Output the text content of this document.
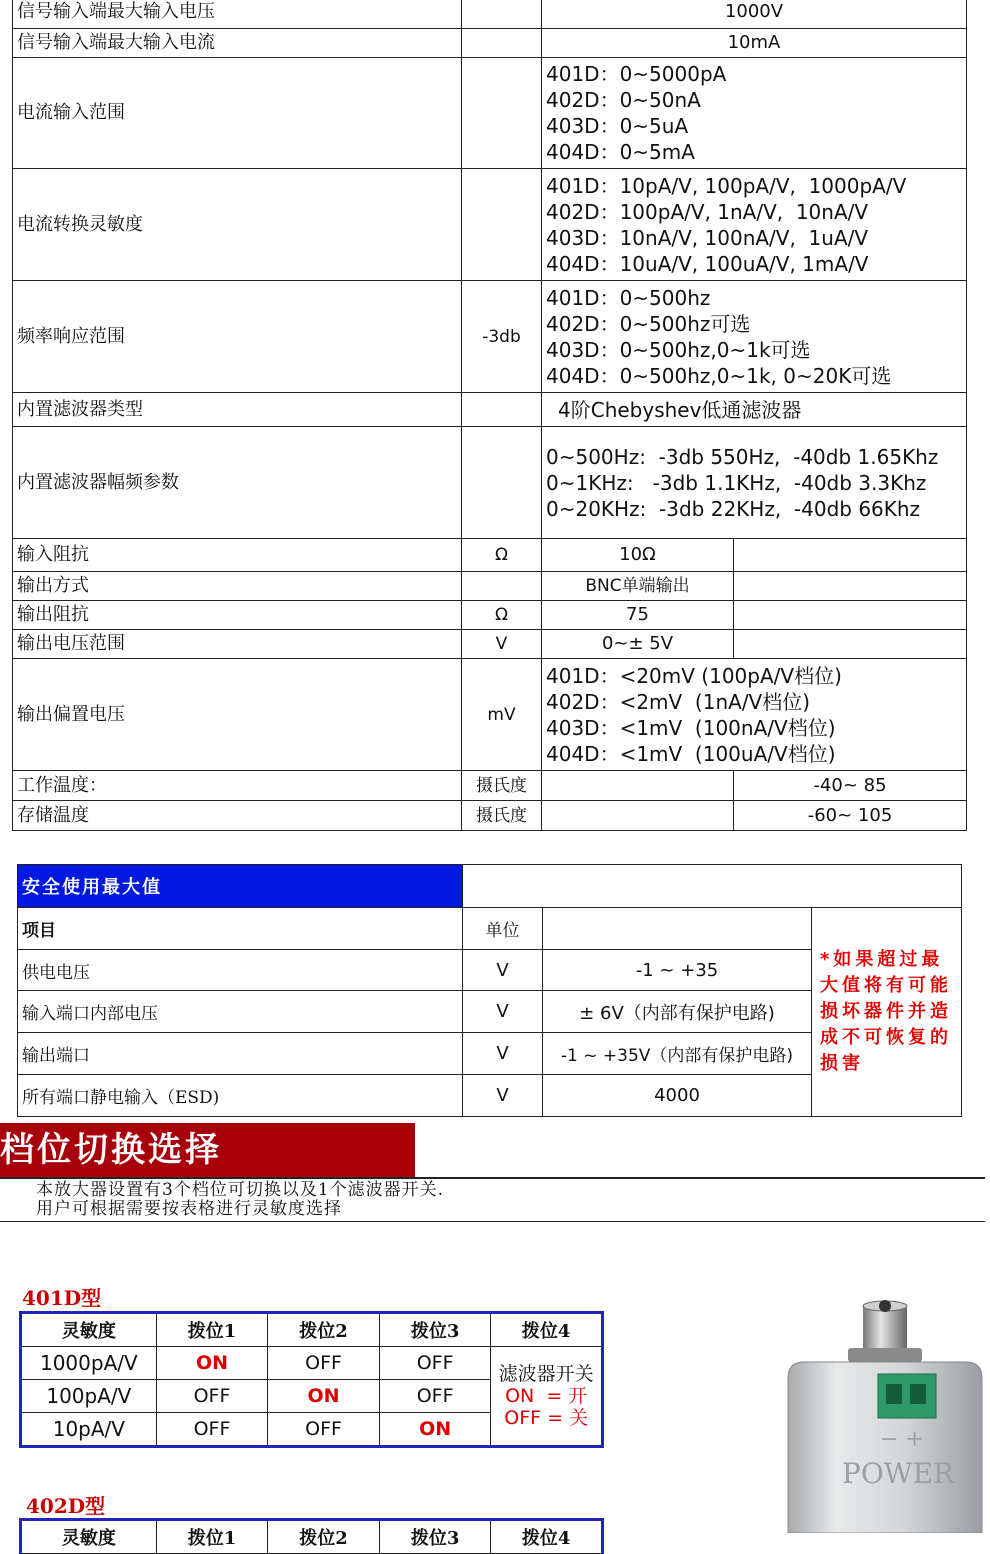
信号输入端最大输入电压		1000V	
信号输入端最大输入电流		10mA	
电流输入范围		401D：0~5000pA
402D：0~50nA
403D：0~5uA
404D：0~5mA	

电流转换灵敏度		401D：10pA/V, 100pA/V,  1000pA/V
402D：100pA/V, 1nA/V,  10nA/V
403D：10nA/V, 100nA/V,  1uA/V
404D：10uA/V, 100uA/V, 1mA/V	

频率响应范围	-3db	401D：0~500hz
402D：0~500hz可选
403D：0~500hz,0~1k可选
404D：0~500hz,0~1k, 0~20K可选	

内置滤波器类型		4阶Chebyshev低通滤波器	
内置滤波器幅频参数		0~500Hz:  -3db 550Hz,  -40db 1.65Khz
0~1KHz:   -3db 1.1KHz,  -40db 3.3Khz
0~20KHz:  -3db 22KHz,  -40db 66Khz	

输入阻抗	Ω	10Ω	
输出方式		BNC单端输出	
输出阻抗	Ω	75	
输出电压范围	V	0~± 5V	
输出偏置电压	mV	401D：<20mV (100pA/V档位)
402D：<2mV  (1nA/V档位)
403D：<1mV  (100nA/V档位)
404D：<1mV  (100uA/V档位)	

工作温度：	摄氏度		-40~ 85
存储温度	摄氏度		-60~ 105
安全使用最大值			
项目	单位		*如果超过最大值将有可能损坏器件并造成不可恢复的损害
供电电压	V	-1 ~ +35	
输入端口内部电压	V	± 6V（内部有保护电路)	
输出端口	V	-1 ~ +35V（内部有保护电路)	
所有端口静电输入（ESD)	V	4000	
档位切换选择
本放大器设置有3个档位可切换以及1个滤波器开关.
用户可根据需要按表格进行灵敏度选择
401D型
灵敏度	拨位1	拨位2	拨位3	拨位4
1000pA/V	ON	OFF	OFF	滤波器开关
ON  = 开
OFF = 关

100pA/V	OFF	ON	OFF	
10pA/V	OFF	OFF	ON	
402D型
灵敏度	拨位1	拨位2	拨位3	拨位4
− +
POWER
